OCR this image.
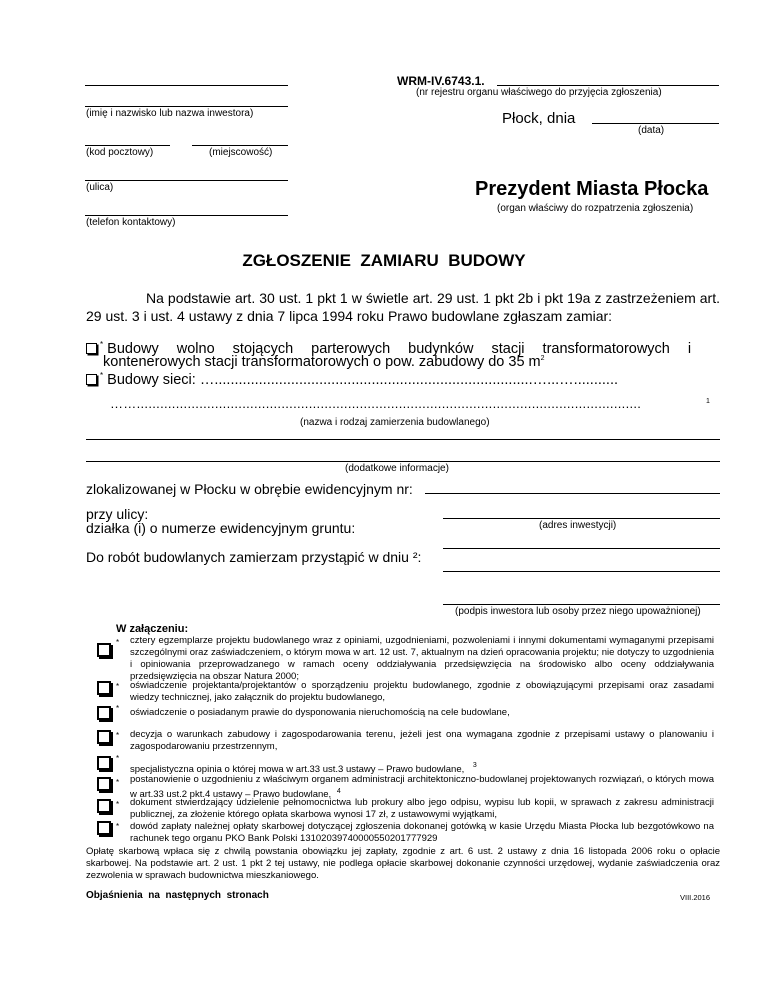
(imię i nazwisko lub nazwa inwestora)
WRM-IV.6743.1.
(nr rejestru organu właściwego do przyjęcia zgłoszenia)
Płock, dnia
(data)
(kod pocztowy)	(miejscowość)
(ulica)	Prezydent Miasta Płocka
(organ właściwy do rozpatrzenia zgłoszenia)
(telefon kontaktowy)
ZGŁOSZENIE  ZAMIARU  BUDOWY
Na podstawie art. 30 ust. 1 pkt 1 w świetle art. 29 ust. 1 pkt 2b i pkt 19a z zastrzeżeniem art. 29 ust. 3 i ust. 4 ustawy z dnia 7 lipca 1994 roku Prawo budowlane zgłaszam zamiar:
* Budowy wolno stojących parterowych budynków stacji transformatorowych i
kontenerowych stacji transformatorowych o pow. zabudowy do 35 $m^2$
* Budowy sieci: …...............................................................................…...…...........
…….................................................................................................................................	1
(nazwa i rodzaj zamierzenia budowlanego)
(dodatkowe informacje)
zlokalizowanej w Płocku w obrębie ewidencyjnym nr:
przy ulicy:
działka (i) o numerze ewidencyjnym gruntu:	(adres inwestycji)
Do robót budowlanych zamierzam przystąpić w dniu ²:
(podpis inwestora lub osoby przez niego upoważnionej)
W załączeniu:
* cztery egzemplarze projektu budowlanego wraz z opiniami, uzgodnieniami, pozwoleniami i innymi dokumentami wymaganymi przepisami szczególnymi oraz zaświadczeniem, o którym mowa w art. 12 ust. 7, aktualnym na dzień opracowania projektu; nie dotyczy to uzgodnienia i opiniowania przeprowadzanego w ramach oceny oddziaływania przedsięwzięcia na środowisko albo oceny oddziaływania przedsięwzięcia na obszar Natura 2000;
* oświadczenie projektanta/projektantów o sporządzeniu projektu budowlanego, zgodnie z obowiązującymi przepisami oraz zasadami wiedzy technicznej, jako załącznik do projektu budowlanego,
* oświadczenie o posiadanym prawie do dysponowania nieruchomością na cele budowlane,
* decyzja o warunkach zabudowy i zagospodarowania terenu, jeżeli jest ona wymagana zgodnie z przepisami ustawy o planowaniu i zagospodarowaniu przestrzennym,
*
specjalistyczna opinia o której mowa w art.33 ust.3 ustawy – Prawo budowlane, $^3$
* postanowienie o uzgodnieniu z właściwym organem administracji architektoniczno-budowlanej projektowanych rozwiązań, o których mowa w art.33 ust.2 pkt.4 ustawy – Prawo budowlane, $^4$
* dokument stwierdzający udzielenie pełnomocnictwa lub prokury albo jego odpisu, wypisu lub kopii, w sprawach z zakresu administracji publicznej, za złożenie którego opłata skarbowa wynosi 17 zł, z ustawowymi wyjątkami,
* dowód zapłaty należnej opłaty skarbowej dotyczącej zgłoszenia dokonanej gotówką w kasie Urzędu Miasta Płocka lub bezgotówkowo na rachunek tego organu PKO Bank Polski 13102039740000550201777929
Opłatę skarbową wpłaca się z chwilą powstania obowiązku jej zapłaty, zgodnie z art. 6 ust. 2 ustawy z dnia 16 listopada 2006 roku o opłacie skarbowej. Na podstawie art. 2 ust. 1 pkt 2 tej ustawy, nie podlega opłacie skarbowej dokonanie czynności urzędowej, wydanie zaświadczenia oraz zezwolenia w sprawach budownictwa mieszkaniowego.
Objaśnienia  na  następnych  stronach	VIII.2016
